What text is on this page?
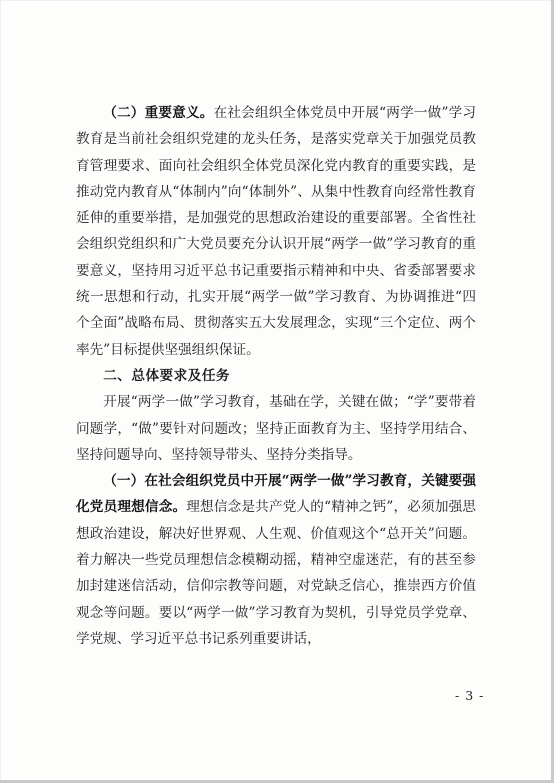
（二）重要意义。在社会组织全体党员中开展“两学一做”学习教育是当前社会组织党建的龙头任务，是落实党章关于加强党员教育管理要求、面向社会组织全体党员深化党内教育的重要实践，是推动党内教育从“体制内”向“体制外”、从集中性教育向经常性教育延伸的重要举措，是加强党的思想政治建设的重要部署。全省性社会组织党组织和广大党员要充分认识开展“两学一做”学习教育的重要意义，坚持用习近平总书记重要指示精神和中央、省委部署要求统一思想和行动，扎实开展“两学一做”学习教育、为协调推进“四个全面”战略布局、贯彻落实五大发展理念，实现“三个定位、两个率先”目标提供坚强组织保证。

二、总体要求及任务

开展“两学一做”学习教育，基础在学，关键在做；“学”要带着问题学，“做”要针对问题改；坚持正面教育为主、坚持学用结合、坚持问题导向、坚持领导带头、坚持分类指导。

（一）在社会组织党员中开展“两学一做”学习教育，关键要强化党员理想信念。理想信念是共产党人的“精神之钙”，必须加强思想政治建设，解决好世界观、人生观、价值观这个“总开关”问题。着力解决一些党员理想信念模糊动摇，精神空虚迷茫，有的甚至参加封建迷信活动，信仰宗教等问题，对党缺乏信心，推崇西方价值观念等问题。要以“两学一做”学习教育为契机，引导党员学党章、学党规、学习近平总书记系列重要讲话，

- 3 -
